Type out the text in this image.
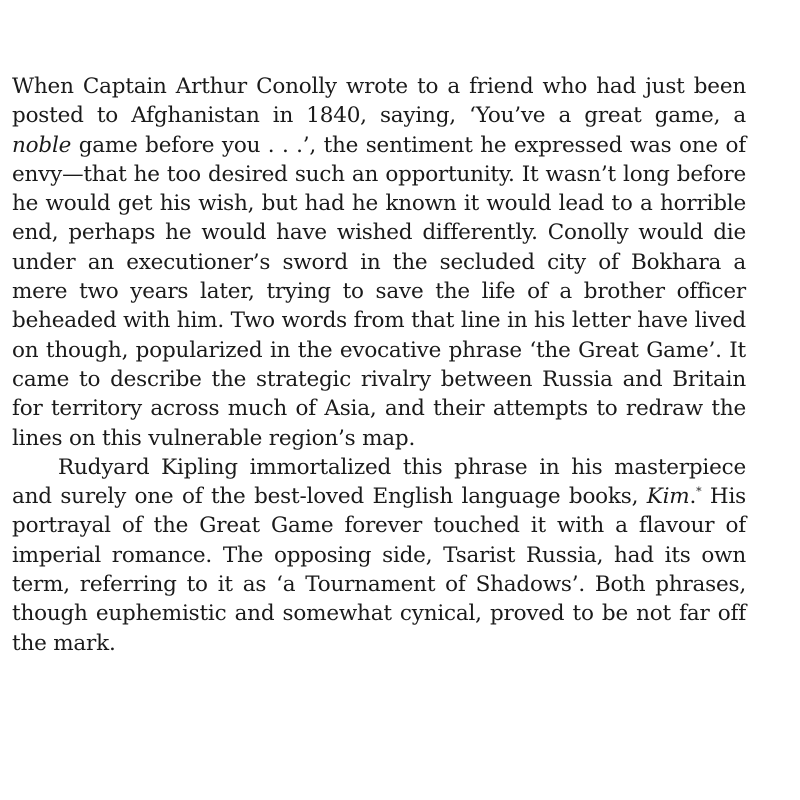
When Captain Arthur Conolly wrote to a friend who had just been posted to Afghanistan in 1840, saying, ‘You’ve a great game, a noble game before you . . .’, the sentiment he expressed was one of envy—that he too desired such an opportunity. It wasn’t long before he would get his wish, but had he known it would lead to a horrible end, perhaps he would have wished differently. Conolly would die under an executioner’s sword in the secluded city of Bokhara a mere two years later, trying to save the life of a brother officer beheaded with him. Two words from that line in his letter have lived on though, popularized in the evocative phrase ‘the Great Game’. It came to describe the strategic rivalry between Russia and Britain for territory across much of Asia, and their attempts to redraw the lines on this vulnerable region’s map.

Rudyard Kipling immortalized this phrase in his masterpiece and surely one of the best-loved English language books, Kim.* His portrayal of the Great Game forever touched it with a flavour of imperial romance. The opposing side, Tsarist Russia, had its own term, referring to it as ‘a Tournament of Shadows’. Both phrases, though euphemistic and somewhat cynical, proved to be not far off the mark.
